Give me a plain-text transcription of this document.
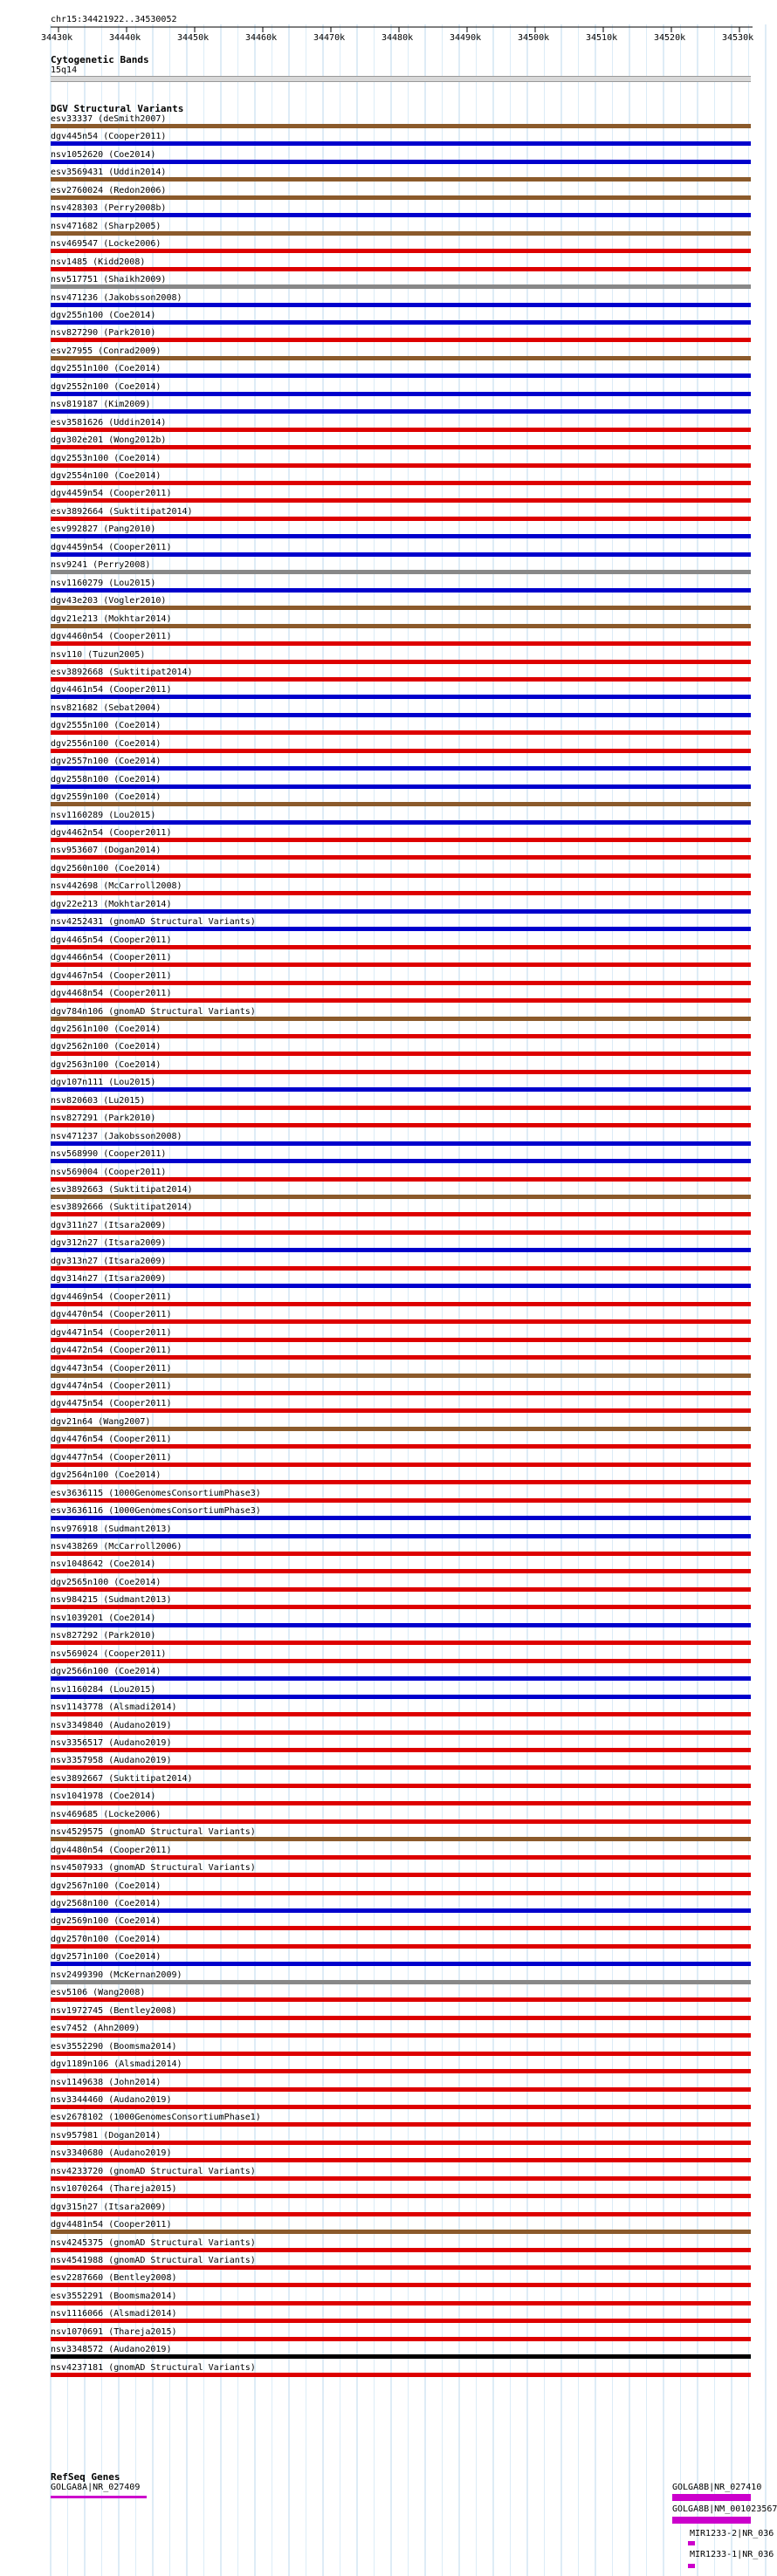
chr15:34421922..34530052
34430k	34440k	34450k	34460k	34470k	34480k	34490k	34500k	34510k	34520k	34530k
Cytogenetic Bands
15q14
DGV Structural Variants
esv33337 (deSmith2007)
dgv445n54 (Cooper2011)
nsv1052620 (Coe2014)
esv3569431 (Uddin2014)
esv2760024 (Redon2006)
nsv428303 (Perry2008b)
nsv471682 (Sharp2005)
nsv469547 (Locke2006)
nsv1485 (Kidd2008)
nsv517751 (Shaikh2009)
nsv471236 (Jakobsson2008)
dgv255n100 (Coe2014)
nsv827290 (Park2010)
esv27955 (Conrad2009)
dgv2551n100 (Coe2014)
dgv2552n100 (Coe2014)
nsv819187 (Kim2009)
esv3581626 (Uddin2014)
dgv302e201 (Wong2012b)
dgv2553n100 (Coe2014)
dgv2554n100 (Coe2014)
dgv4459n54 (Cooper2011)
esv3892664 (Suktitipat2014)
esv992827 (Pang2010)
dgv4459n54 (Cooper2011)
nsv9241 (Perry2008)
nsv1160279 (Lou2015)
dgv43e203 (Vogler2010)
dgv21e213 (Mokhtar2014)
dgv4460n54 (Cooper2011)
nsv110 (Tuzun2005)
esv3892668 (Suktitipat2014)
dgv4461n54 (Cooper2011)
nsv821682 (Sebat2004)
dgv2555n100 (Coe2014)
dgv2556n100 (Coe2014)
dgv2557n100 (Coe2014)
dgv2558n100 (Coe2014)
dgv2559n100 (Coe2014)
nsv1160289 (Lou2015)
dgv4462n54 (Cooper2011)
nsv953607 (Dogan2014)
dgv2560n100 (Coe2014)
nsv442698 (McCarroll2008)
dgv22e213 (Mokhtar2014)
nsv4252431 (gnomAD Structural Variants)
dgv4465n54 (Cooper2011)
dgv4466n54 (Cooper2011)
dgv4467n54 (Cooper2011)
dgv4468n54 (Cooper2011)
dgv784n106 (gnomAD Structural Variants)
dgv2561n100 (Coe2014)
dgv2562n100 (Coe2014)
dgv2563n100 (Coe2014)
dgv107n111 (Lou2015)
nsv820603 (Lu2015)
nsv827291 (Park2010)
nsv471237 (Jakobsson2008)
nsv568990 (Cooper2011)
nsv569004 (Cooper2011)
esv3892663 (Suktitipat2014)
esv3892666 (Suktitipat2014)
dgv311n27 (Itsara2009)
dgv312n27 (Itsara2009)
dgv313n27 (Itsara2009)
dgv314n27 (Itsara2009)
dgv4469n54 (Cooper2011)
dgv4470n54 (Cooper2011)
dgv4471n54 (Cooper2011)
dgv4472n54 (Cooper2011)
dgv4473n54 (Cooper2011)
dgv4474n54 (Cooper2011)
dgv4475n54 (Cooper2011)
dgv21n64 (Wang2007)
dgv4476n54 (Cooper2011)
dgv4477n54 (Cooper2011)
dgv2564n100 (Coe2014)
esv3636115 (1000GenomesConsortiumPhase3)
esv3636116 (1000GenomesConsortiumPhase3)
nsv976918 (Sudmant2013)
nsv438269 (McCarroll2006)
nsv1048642 (Coe2014)
dgv2565n100 (Coe2014)
nsv984215 (Sudmant2013)
nsv1039201 (Coe2014)
nsv827292 (Park2010)
nsv569024 (Cooper2011)
dgv2566n100 (Coe2014)
nsv1160284 (Lou2015)
nsv1143778 (Alsmadi2014)
nsv3349840 (Audano2019)
nsv3356517 (Audano2019)
nsv3357958 (Audano2019)
esv3892667 (Suktitipat2014)
nsv1041978 (Coe2014)
nsv469685 (Locke2006)
nsv4529575 (gnomAD Structural Variants)
dgv4480n54 (Cooper2011)
nsv4507933 (gnomAD Structural Variants)
dgv2567n100 (Coe2014)
dgv2568n100 (Coe2014)
dgv2569n100 (Coe2014)
dgv2570n100 (Coe2014)
dgv2571n100 (Coe2014)
nsv2499390 (McKernan2009)
esv5106 (Wang2008)
nsv1972745 (Bentley2008)
esv7452 (Ahn2009)
esv3552290 (Boomsma2014)
dgv1189n106 (Alsmadi2014)
nsv1149638 (John2014)
nsv3344460 (Audano2019)
esv2678102 (1000GenomesConsortiumPhase1)
nsv957981 (Dogan2014)
nsv3340680 (Audano2019)
nsv4233720 (gnomAD Structural Variants)
nsv1070264 (Thareja2015)
dgv315n27 (Itsara2009)
dgv4481n54 (Cooper2011)
nsv4245375 (gnomAD Structural Variants)
nsv4541988 (gnomAD Structural Variants)
esv2287660 (Bentley2008)
esv3552291 (Boomsma2014)
nsv1116066 (Alsmadi2014)
nsv1070691 (Thareja2015)
nsv3348572 (Audano2019)
nsv4237181 (gnomAD Structural Variants)
RefSeq Genes
GOLGA8A|NR_027409	GOLGA8B|NR_027410
GOLGA8B|NM_001023567
MIR1233-2|NR_036
MIR1233-1|NR_036
